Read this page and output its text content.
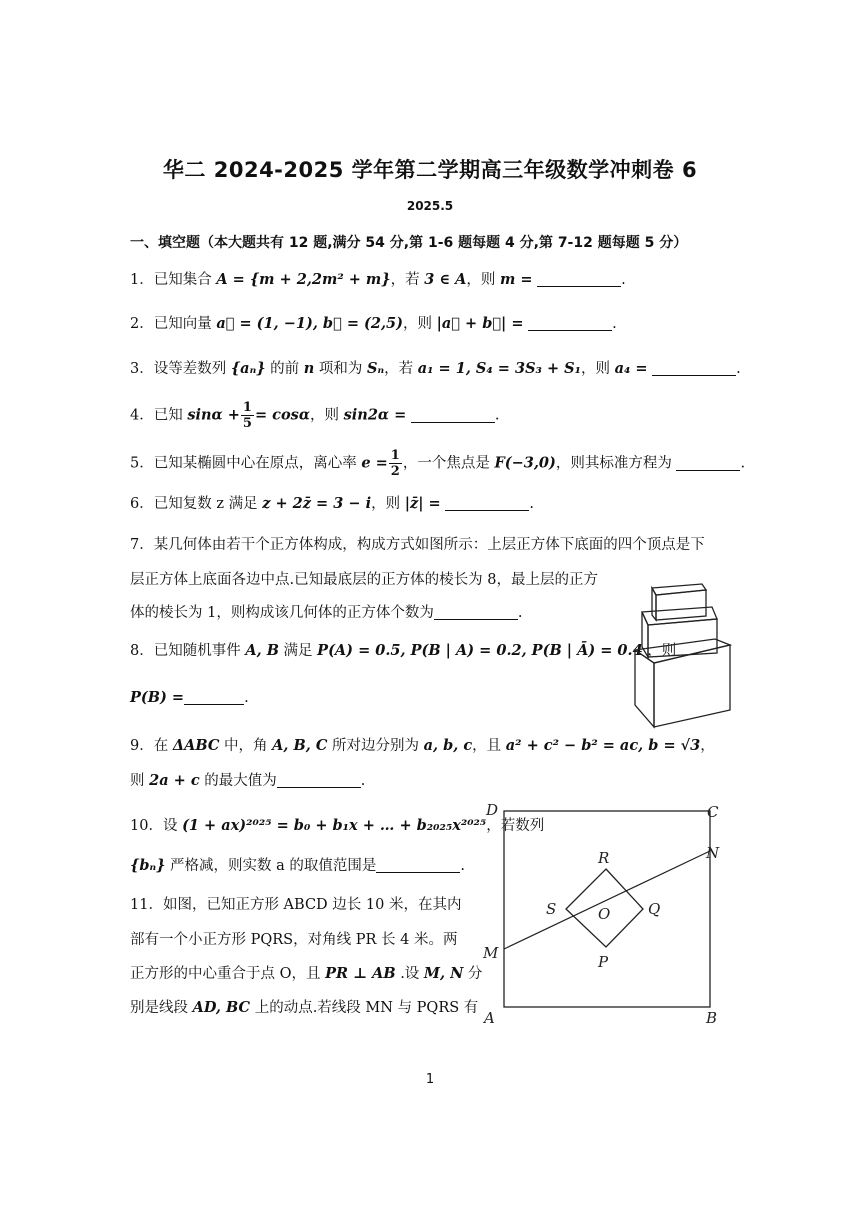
华二 2024-2025 学年第二学期高三年级数学冲刺卷 6
2025.5
一、填空题（本大题共有 12 题,满分 54 分,第 1-6 题每题 4 分,第 7-12 题每题 5 分）
1．已知集合 A = {m + 2,2m² + m}，若 3 ∈ A，则 m =	.
2．已知向量 a⃗ = (1, −1), b⃗ = (2,5)，则 |a⃗ + b⃗| =	.
3．设等差数列 {aₙ} 的前 n 项和为 Sₙ，若 a₁ = 1, S₄ = 3S₃ + S₁，则 a₄ =	.
4．已知 $\sin\alpha + \frac{1}{5} = \cos\alpha$，则 sin2α =	.
5．已知某椭圆中心在原点，离心率 $e = \frac{1}{2}$ ，一个焦点是 F(−3,0)，则其标准方程为	.
6．已知复数 z 满足 z + 2z̄ = 3 − i，则 |z̄| =	.
7．某几何体由若干个正方体构成，构成方式如图所示：上层正方体下底面的四个顶点是下
层正方体上底面各边中点.已知最底层的正方体的棱长为 8，最上层的正方
体的棱长为 1，则构成该几何体的正方体个数为	.
8．已知随机事件 A, B 满足 P(A) = 0.5, P(B | A) = 0.2, P(B | Ā) = 0.4 ，则
P(B) =	.
9．在 ΔABC 中，角 A, B, C 所对边分别为 a, b, c，且 a² + c² − b² = ac, b = √3，
则 2a + c 的最大值为	.
10．设 (1 + ax)²⁰²⁵ = b₀ + b₁x + … + b₂₀₂₅x²⁰²⁵，若数列
{bₙ} 严格减，则实数 a 的取值范围是	.
11．如图，已知正方形 ABCD 边长 10 米，在其内
部有一个小正方形 PQRS，对角线 PR 长 4 米。两
正方形的中心重合于点 O，且 PR ⊥ AB .设 M, N 分
别是线段 AD, BC 上的动点.若线段 MN 与 PQRS 有
D	C
A	B
N
M
R
S	O	Q
P
1
